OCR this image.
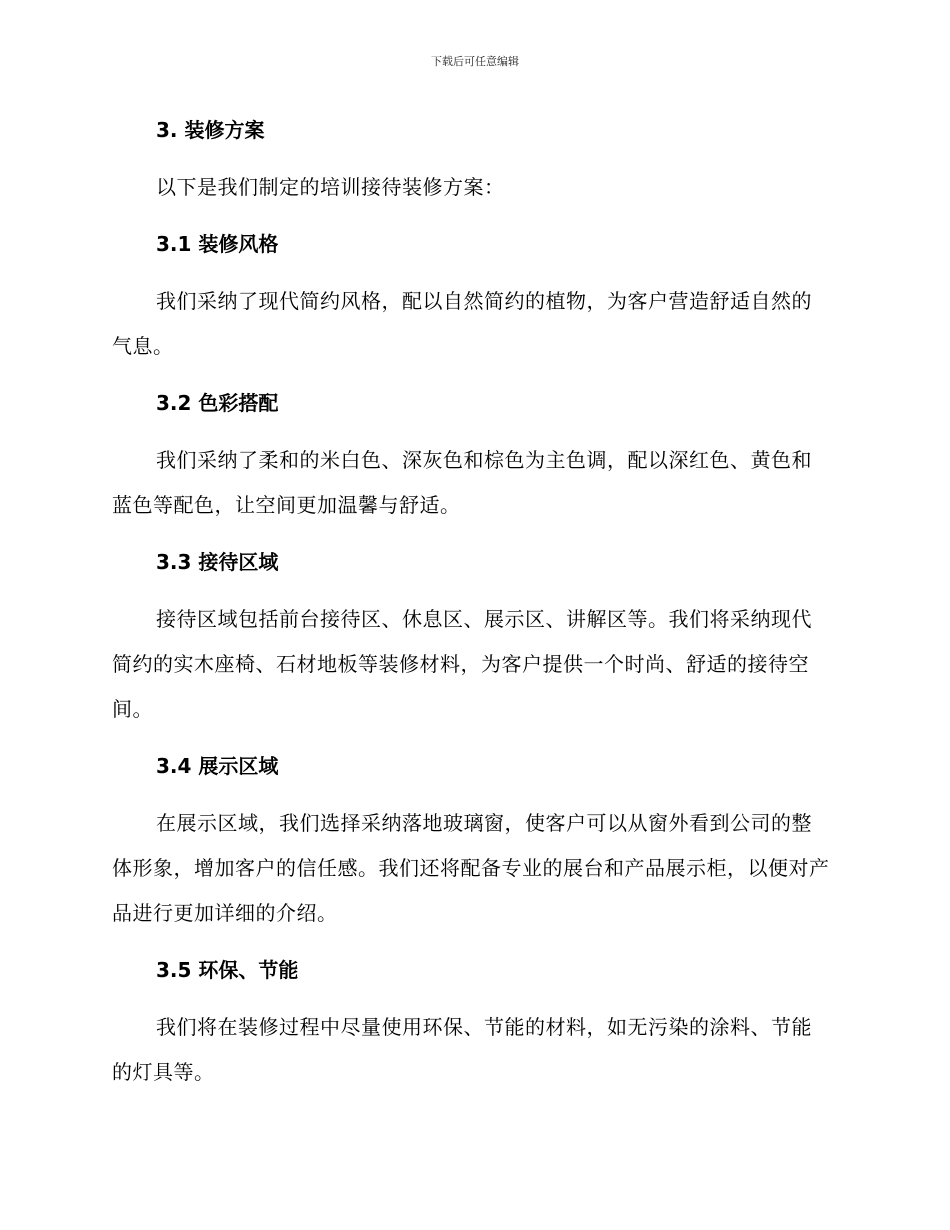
下载后可任意编辑
3. 装修方案

以下是我们制定的培训接待装修方案：

3.1 装修风格

我们采纳了现代简约风格，配以自然简约的植物，为客户营造舒适自然的气息。

3.2 色彩搭配

我们采纳了柔和的米白色、深灰色和棕色为主色调，配以深红色、黄色和蓝色等配色，让空间更加温馨与舒适。

3.3 接待区域

接待区域包括前台接待区、休息区、展示区、讲解区等。我们将采纳现代简约的实木座椅、石材地板等装修材料，为客户提供一个时尚、舒适的接待空间。

3.4 展示区域

在展示区域，我们选择采纳落地玻璃窗，使客户可以从窗外看到公司的整体形象，增加客户的信任感。我们还将配备专业的展台和产品展示柜，以便对产品进行更加详细的介绍。

3.5 环保、节能

我们将在装修过程中尽量使用环保、节能的材料，如无污染的涂料、节能的灯具等。
